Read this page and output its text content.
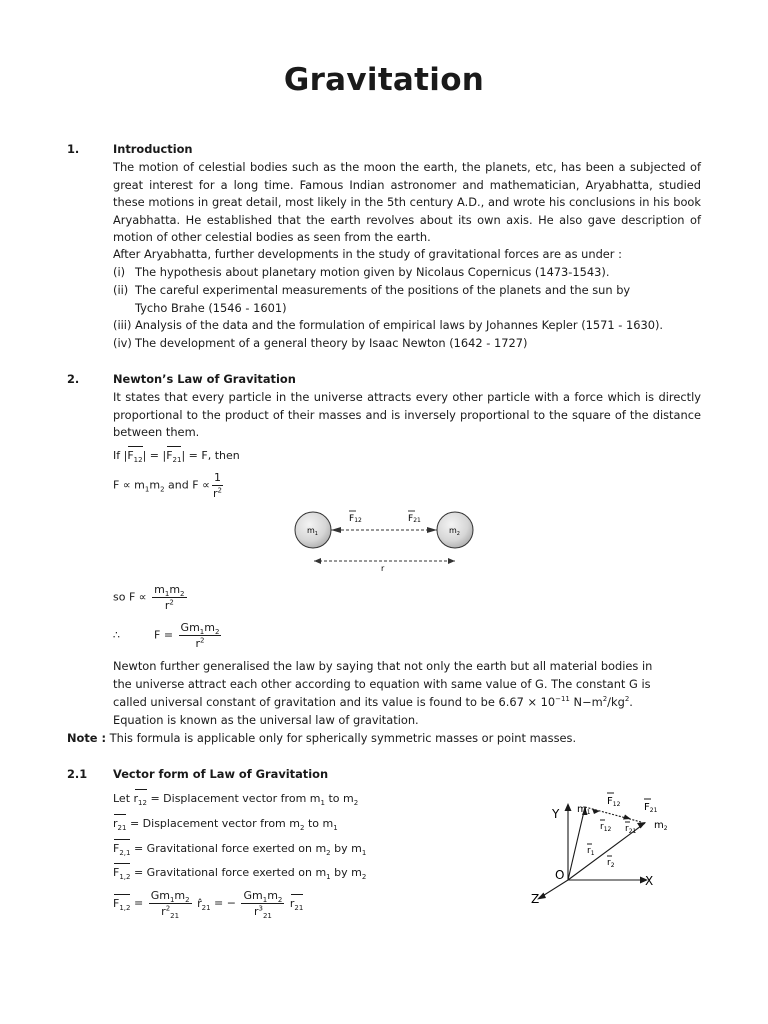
Gravitation
1.	Introduction
The motion of celestial bodies such as the moon the earth, the planets, etc, has been a subjected of great interest for a long time. Famous Indian astronomer and mathematician, Aryabhatta, studied these motions in great detail, most likely in the 5th century A.D., and wrote his conclusions in his book Aryabhatta. He established that the earth revolves about its own axis. He also gave description of motion of other celestial bodies as seen from the earth.
After Aryabhatta, further developments in the study of gravitational forces are as under :
(i) The hypothesis about planetary motion given by Nicolaus Copernicus (1473-1543).
(ii) The careful experimental measurements of the positions of the planets and the sun by
Tycho Brahe (1546 - 1601)
(iii) Analysis of the data and the formulation of empirical laws by Johannes Kepler (1571 - 1630).
(iv) The development of a general theory by Isaac Newton (1642 - 1727)
2.	Newton’s Law of Gravitation
It states that every particle in the universe attracts every other particle with a force which is directly proportional to the product of their masses and is inversely proportional to the square of the distance between them.
If $|F_{12}| = |F_{21}| = F$, then
$F \propto m_1m_2$ and $F \propto \frac{1}{r^2}$
$m_1$	$m_2$
F12	F21
r
so $F \propto \frac{m_1m_2}{r^2}$
∴	$F = \frac{Gm_1m_2}{r^2}$
Newton further generalised the law by saying that not only the earth but all material bodies in
the universe attract each other according to equation with same value of G. The constant G is
called universal constant of gravitation and its value is found to be $6.67 \times 10^{-11}$ $N-m^2/kg^2$.
Equation is known as the universal law of gravitation.
Note : This formula is applicable only for spherically symmetric masses or point masses.
2.1 Vector form of Law of Gravitation
Let $r_{12}$ = Displacement vector from $m_1$ to $m_2$
$r_{21}$ = Displacement vector from $m_2$ to $m_1$
$F_{2,1}$ = Gravitational force exerted on $m_2$ by $m_1$
$F_{1,2}$ = Gravitational force exerted on $m_1$ by $m_2$
$F_{1,2} = \frac{Gm_1m_2}{r^2_{21}}$ $r̂_{21}$ = − $\frac{Gm_1m_2}{r^3_{21}} r_{21}$
Y
X
Z
O
$m_1$
$m_2$
$F_{12}$ $F_{21}$
$r_{12}$ $r_{21}$
$r_1$
$r_2$
